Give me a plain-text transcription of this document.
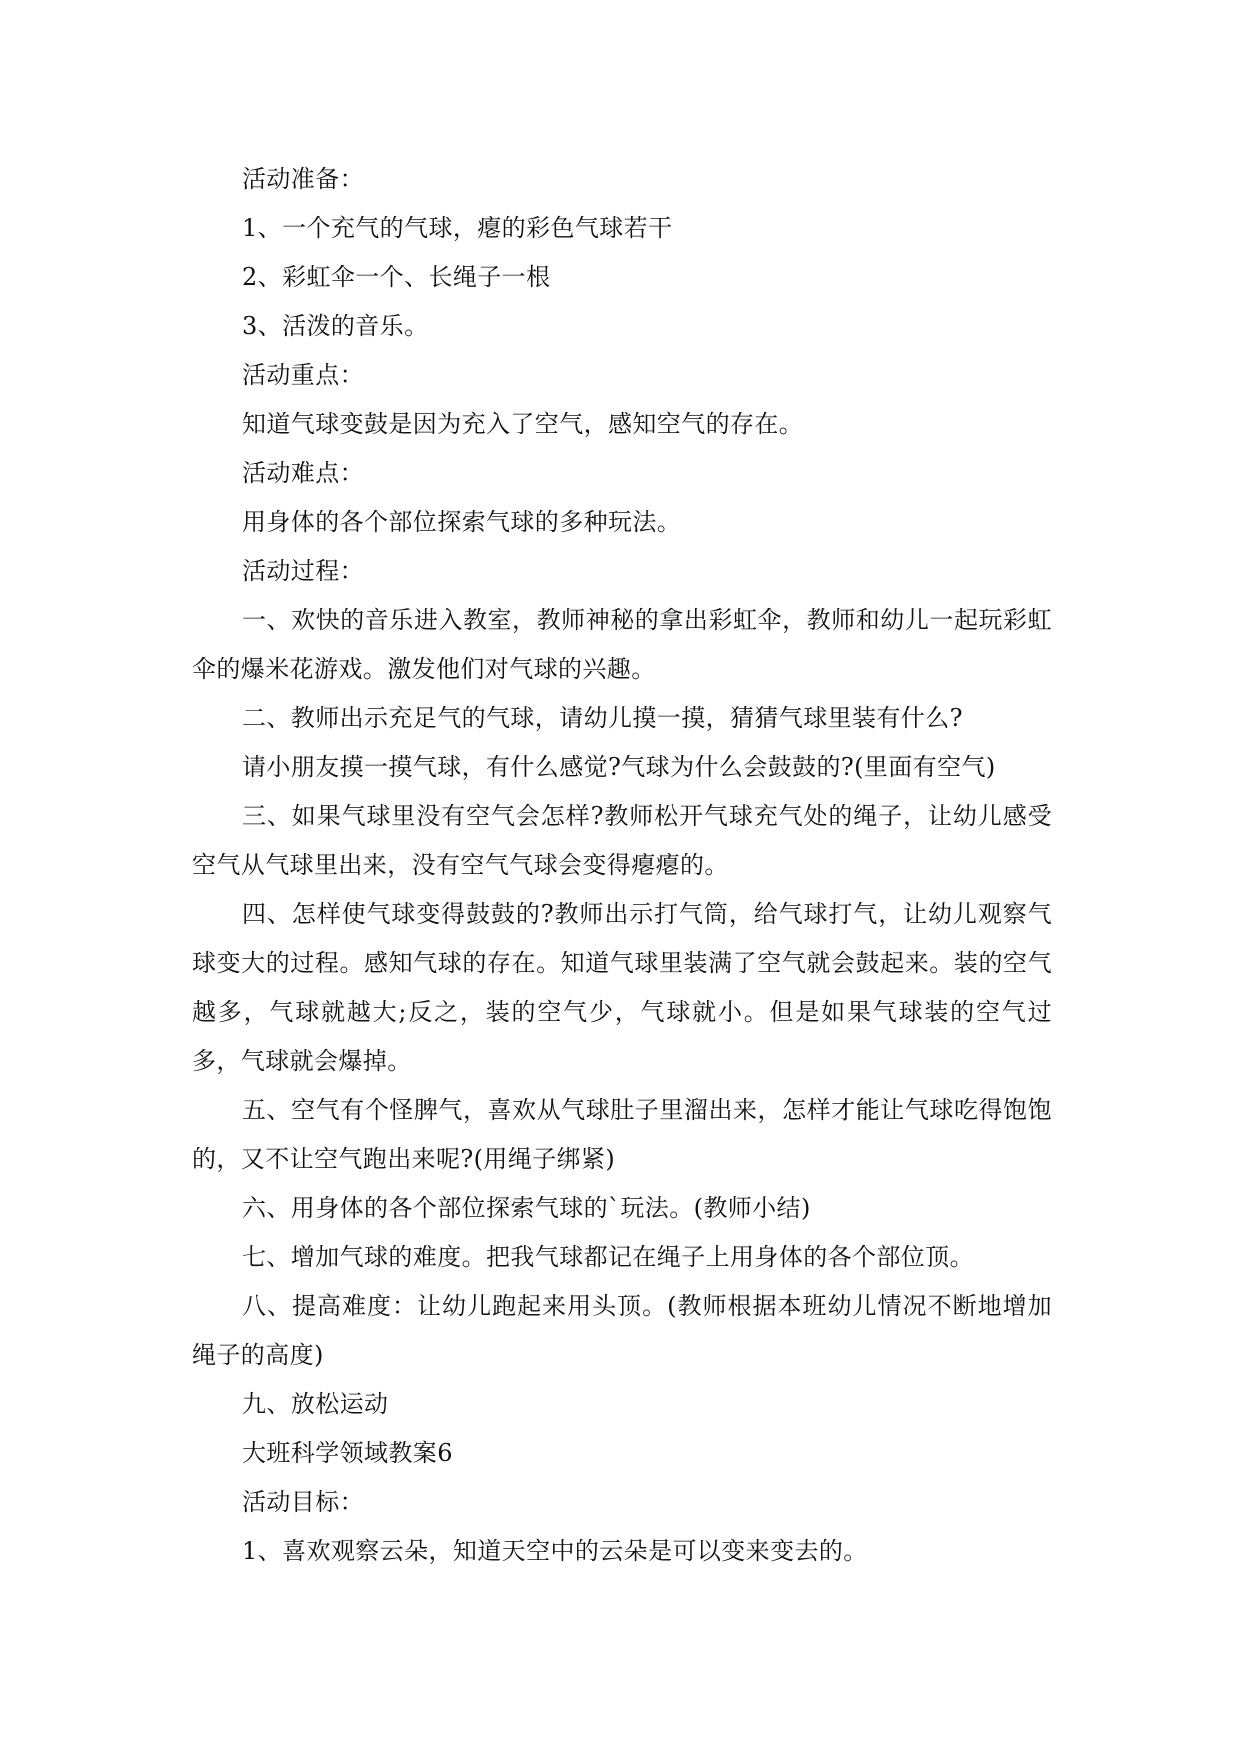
活动准备：

1、一个充气的气球，瘪的彩色气球若干

2、彩虹伞一个、长绳子一根

3、活泼的音乐。

活动重点：

知道气球变鼓是因为充入了空气，感知空气的存在。

活动难点：

用身体的各个部位探索气球的多种玩法。

活动过程：

一、欢快的音乐进入教室，教师神秘的拿出彩虹伞，教师和幼儿一起玩彩虹伞的爆米花游戏。激发他们对气球的兴趣。

二、教师出示充足气的气球，请幼儿摸一摸，猜猜气球里装有什么?

请小朋友摸一摸气球，有什么感觉?气球为什么会鼓鼓的?(里面有空气)

三、如果气球里没有空气会怎样?教师松开气球充气处的绳子，让幼儿感受空气从气球里出来，没有空气气球会变得瘪瘪的。

四、怎样使气球变得鼓鼓的?教师出示打气筒，给气球打气，让幼儿观察气球变大的过程。感知气球的存在。知道气球里装满了空气就会鼓起来。装的空气越多，气球就越大;反之，装的空气少，气球就小。但是如果气球装的空气过多，气球就会爆掉。

五、空气有个怪脾气，喜欢从气球肚子里溜出来，怎样才能让气球吃得饱饱的，又不让空气跑出来呢?(用绳子绑紧)

六、用身体的各个部位探索气球的`玩法。(教师小结)

七、增加气球的难度。把我气球都记在绳子上用身体的各个部位顶。

八、提高难度：让幼儿跑起来用头顶。(教师根据本班幼儿情况不断地增加绳子的高度)

九、放松运动

大班科学领域教案6

活动目标：

1、喜欢观察云朵，知道天空中的云朵是可以变来变去的。
